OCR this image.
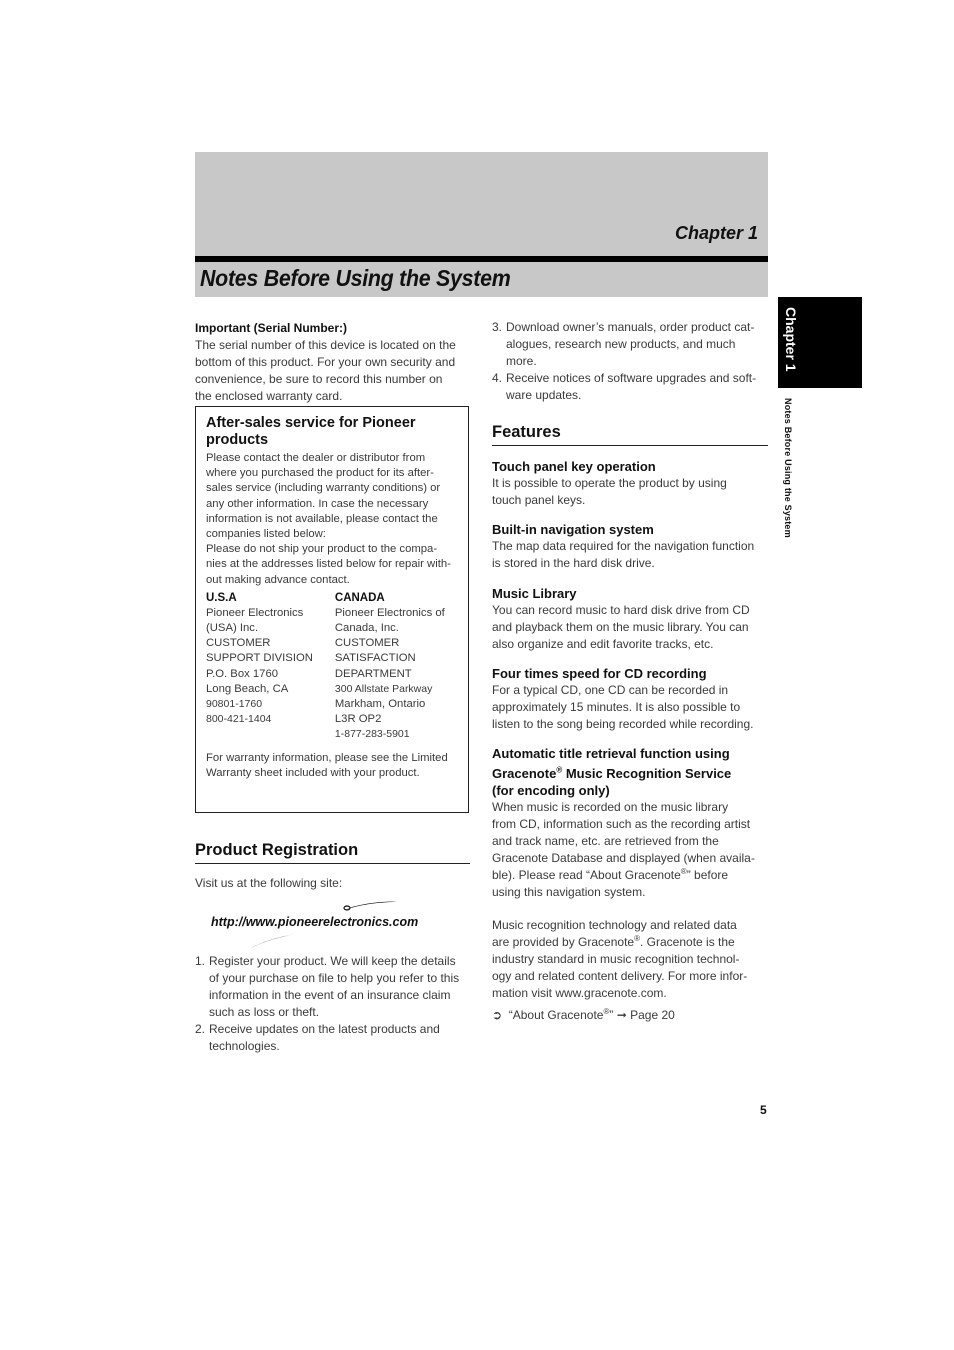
Chapter 1
Notes Before Using the System
Chapter 1
Notes Before Using the System
Important (Serial Number:)

The serial number of this device is located on the

bottom of this product. For your own security and

convenience, be sure to record this number on

the enclosed warranty card.

After-sales service for Pioneer
products

Please contact the dealer or distributor from

where you purchased the product for its after-

sales service (including warranty conditions) or

any other information. In case the necessary

information is not available, please contact the

companies listed below:

Please do not ship your product to the compa-

nies at the addresses listed below for repair with-

out making advance contact.

U.S.A
Pioneer Electronics
(USA) Inc.
CUSTOMER
SUPPORT DIVISION
P.O. Box 1760
Long Beach, CA
90801-1760
800-421-1404
CANADA
Pioneer Electronics of
Canada, Inc.
CUSTOMER
SATISFACTION
DEPARTMENT
300 Allstate Parkway
Markham, Ontario
L3R OP2
1-877-283-5901

For warranty information, please see the Limited

Warranty sheet included with your product.

Product Registration

Visit us at the following site:

http://www.pioneerelectronics.com
1. Register your product. We will keep the details
of your purchase on file to help you refer to this
information in the event of an insurance claim
such as loss or theft.
2. Receive updates on the latest products and
technologies.
3. Download owner’s manuals, order product cat-
alogues, research new products, and much
more.
4. Receive notices of software upgrades and soft-
ware updates.
Features
Touch panel key operation

It is possible to operate the product by using

touch panel keys.

Built-in navigation system

The map data required for the navigation function

is stored in the hard disk drive.

Music Library

You can record music to hard disk drive from CD

and playback them on the music library. You can

also organize and edit favorite tracks, etc.

Four times speed for CD recording

For a typical CD, one CD can be recorded in

approximately 15 minutes. It is also possible to

listen to the song being recorded while recording.

Automatic title retrieval function using
Gracenote® Music Recognition Service
(for encoding only)

When music is recorded on the music library

from CD, information such as the recording artist

and track name, etc. are retrieved from the

Gracenote Database and displayed (when availa-

ble). Please read “About Gracenote®” before

using this navigation system.

Music recognition technology and related data

are provided by Gracenote®. Gracenote is the

industry standard in music recognition technol-

ogy and related content delivery. For more infor-

mation visit www.gracenote.com.

➲ “About Gracenote®” ➞ Page 20

5
